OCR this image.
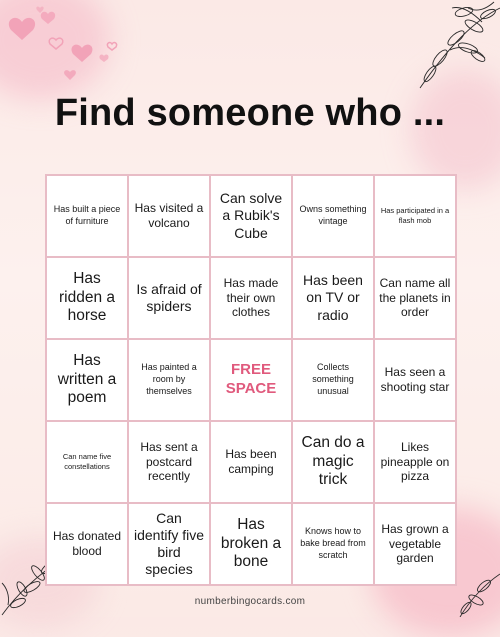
Find someone who ...
Has built a piece of furniture
Has visited a volcano
Can solve a Rubik's Cube
Owns something vintage
Has participated in a flash mob
Has ridden a horse
Is afraid of spiders
Has made their own clothes
Has been on TV or radio
Can name all the planets in order
Has written a poem
Has painted a room by themselves
FREE SPACE
Collects something unusual
Has seen a shooting star
Can name five constellations
Has sent a postcard recently
Has been camping
Can do a magic trick
Likes pineapple on pizza
Has donated blood
Can identify five bird species
Has broken a bone
Knows how to bake bread from scratch
Has grown a vegetable garden
numberbingocards.com
